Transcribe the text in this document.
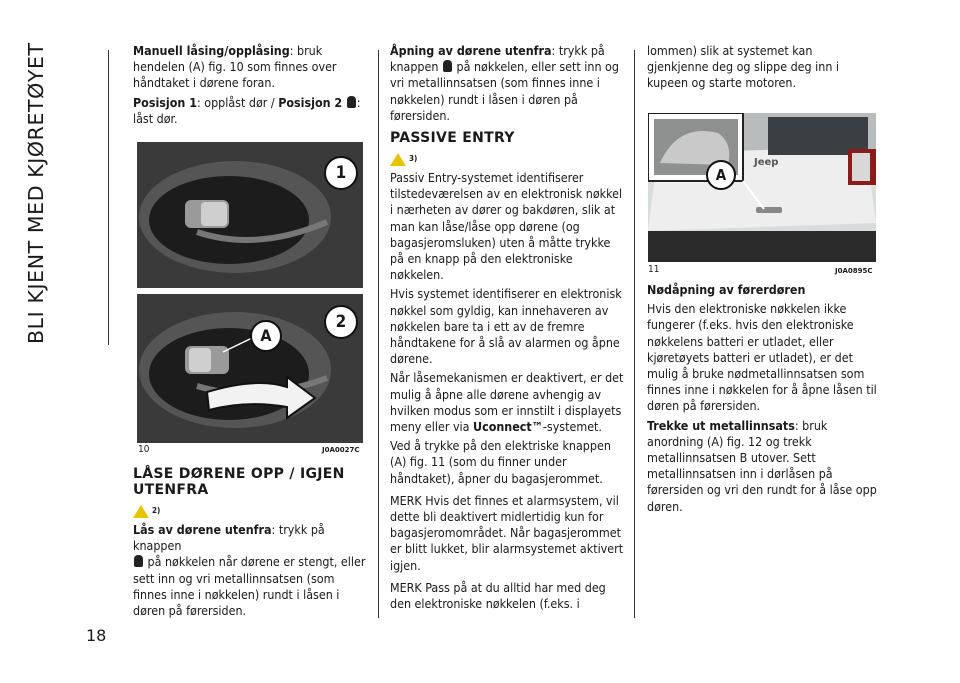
BLI KJENT MED KJØRETØYET
18

Manuell låsing/opplåsing: bruk hendelen (A) fig. 10 som finnes over håndtaket i dørene foran.

Posisjon 1: opplåst dør / Posisjon 2 : låst dør.

1
2
A
10	J0A0027C
LÅSE DØRENE OPP / IGJEN UTENFRA
2)

Lås av dørene utenfra: trykk på knappen
på nøkkelen når dørene er stengt, eller sett inn og vri metallinnsatsen (som finnes inne i nøkkelen) rundt i låsen i døren på førersiden.

Åpning av dørene utenfra: trykk på knappen på nøkkelen, eller sett inn og vri metallinnsatsen (som finnes inne i nøkkelen) rundt i låsen i døren på førersiden.

PASSIVE ENTRY
3)

Passiv Entry-systemet identifiserer tilstedeværelsen av en elektronisk nøkkel i nærheten av dører og bakdøren, slik at man kan låse/låse opp dørene (og bagasjeromsluken) uten å måtte trykke på en knapp på den elektroniske nøkkelen.

Hvis systemet identifiserer en elektronisk nøkkel som gyldig, kan innehaveren av nøkkelen bare ta i ett av de fremre håndtakene for å slå av alarmen og åpne dørene.

Når låsemekanismen er deaktivert, er det mulig å åpne alle dørene avhengig av hvilken modus som er innstilt i displayets meny eller via Uconnect™-systemet.

Ved å trykke på den elektriske knappen (A) fig. 11 (som du finner under håndtaket), åpner du bagasjerommet.

MERK Hvis det finnes et alarmsystem, vil dette bli deaktivert midlertidig kun for bagasjeromområdet. Når bagasjerommet er blitt lukket, blir alarmsystemet aktivert igjen.

MERK Pass på at du alltid har med deg den elektroniske nøkkelen (f.eks. i

lommen) slik at systemet kan gjenkjenne deg og slippe deg inn i kupeen og starte motoren.

Jeep
A
11	J0A0895C

Nødåpning av førerdøren

Hvis den elektroniske nøkkelen ikke fungerer (f.eks. hvis den elektroniske nøkkelens batteri er utladet, eller kjøretøyets batteri er utladet), er det mulig å bruke nødmetallinnsatsen som finnes inne i nøkkelen for å åpne låsen til døren på førersiden.

Trekke ut metallinnsats: bruk anordning (A) fig. 12 og trekk metallinnsatsen B utover. Sett metallinnsatsen inn i dørlåsen på førersiden og vri den rundt for å låse opp døren.
